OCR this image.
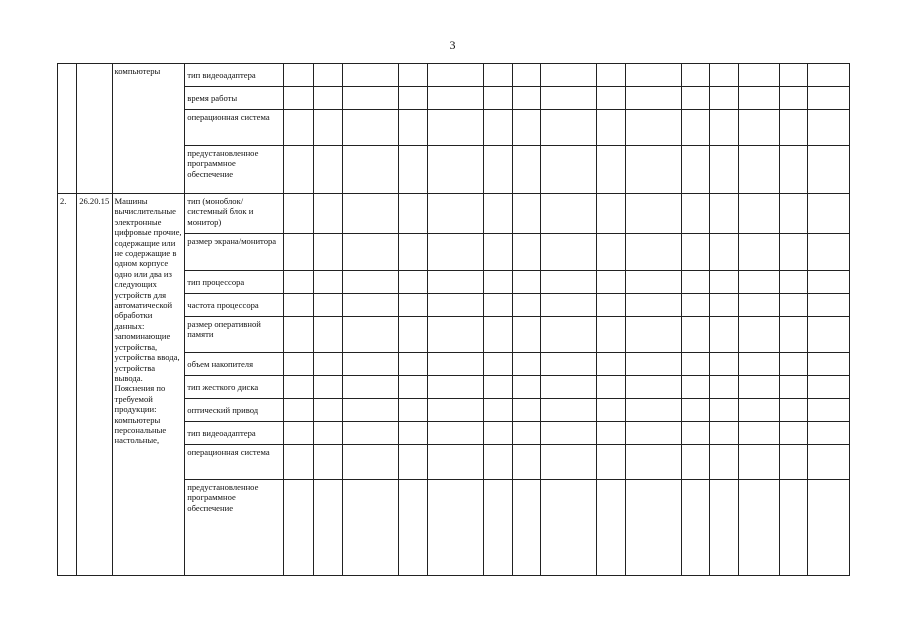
3
		компьютеры	тип видеоадаптера															
			время работы															
			операционная система															
			предустановленное программное обеспечение															
2.	26.20.15	Машины вычислительные электронные цифровые прочие, содержащие или не содержащие в одном корпусе одно или два из следующих устройств для автоматической обработки данных: запоминающие устройства, устройства ввода, устройства вывода. Пояснения по требуемой продукции: компьютеры персональные настольные,	тип (моноблок/системный блок и монитор)															
			размер экрана/монитора															
			тип процессора															
			частота процессора															
			размер оперативной памяти															
			объем накопителя															
			тип жесткого диска															
			оптический привод															
			тип видеоадаптера															
			операционная система															
			предустановленное программное обеспечение															
